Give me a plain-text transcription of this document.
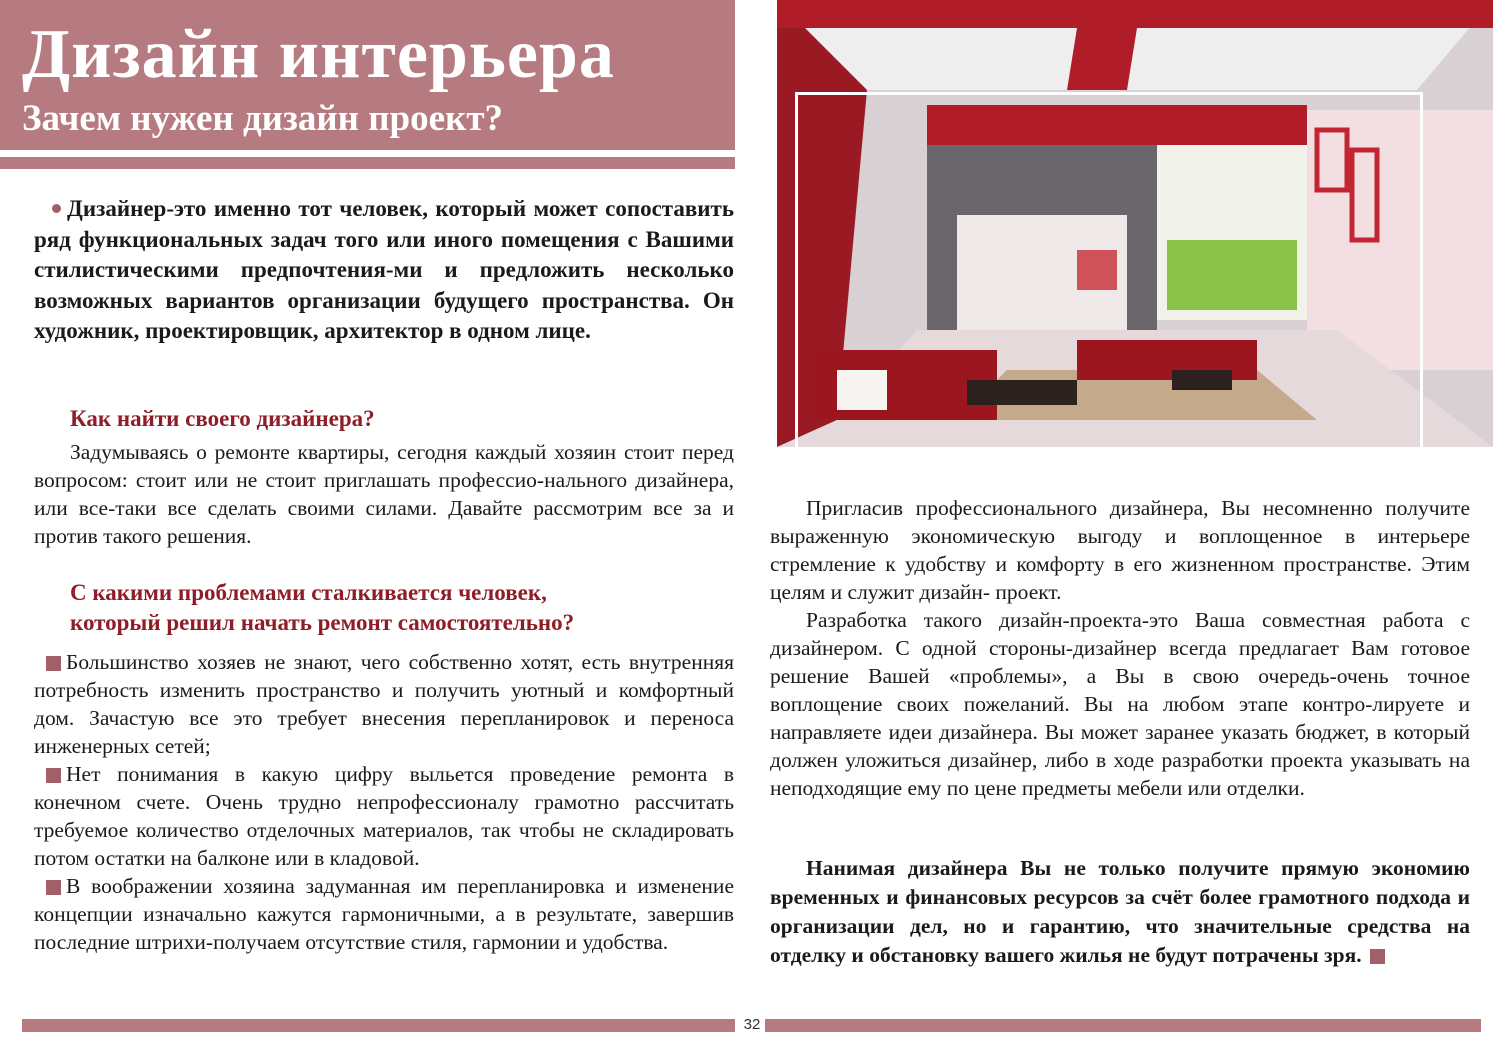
Дизайн интерьера
Зачем нужен дизайн проект?

Дизайнер-это именно тот человек, который может сопоставить ряд функциональных задач того или иного помещения с Вашими стилистическими предпочтения-ми и предложить несколько возможных вариантов организации будущего пространства. Он художник, проектировщик, архитектор в одном лице.

Как найти своего дизайнера?

Задумываясь о ремонте квартиры, сегодня каждый хозяин стоит перед вопросом: стоит или не стоит приглашать профессио-нального дизайнера, или все-таки все сделать своими силами. Давайте рассмотрим все за и против такого решения.

С какими проблемами сталкивается человек,
который решил начать ремонт самостоятельно?

Большинство хозяев не знают, чего собственно хотят, есть внутренняя потребность изменить пространство и получить уютный и комфортный дом. Зачастую все это требует внесения перепланировок и переноса инженерных сетей;

Нет понимания в какую цифру выльется проведение ремонта в конечном счете. Очень трудно непрофессионалу грамотно рассчитать требуемое количество отделочных материалов, так чтобы не складировать потом остатки на балконе или в кладовой.

В воображении хозяина задуманная им перепланировка и изменение концепции изначально кажутся гармоничными, а в результате, завершив последние штрихи-получаем отсутствие стиля, гармонии и удобства.

Пригласив профессионального дизайнера, Вы несомненно получите выраженную экономическую выгоду и воплощенное в интерьере стремление к удобству и комфорту в его жизненном пространстве. Этим целям и служит дизайн- проект.

Разработка такого дизайн-проекта-это Ваша совместная работа с дизайнером. С одной стороны-дизайнер всегда предлагает Вам готовое решение Вашей «проблемы», а Вы в свою очередь-очень точное воплощение своих пожеланий. Вы на любом этапе контро-лируете и направляете идеи дизайнера. Вы может заранее указать бюджет, в который должен уложиться дизайнер, либо в ходе разработки проекта указывать на неподходящие ему по цене предметы мебели или отделки.

Нанимая дизайнера Вы не только получите прямую экономию временных и финансовых ресурсов за счёт более грамотного подхода и организации дел, но и гарантию, что значительные средства на отделку и обстановку вашего жилья не будут потрачены зря.

32
